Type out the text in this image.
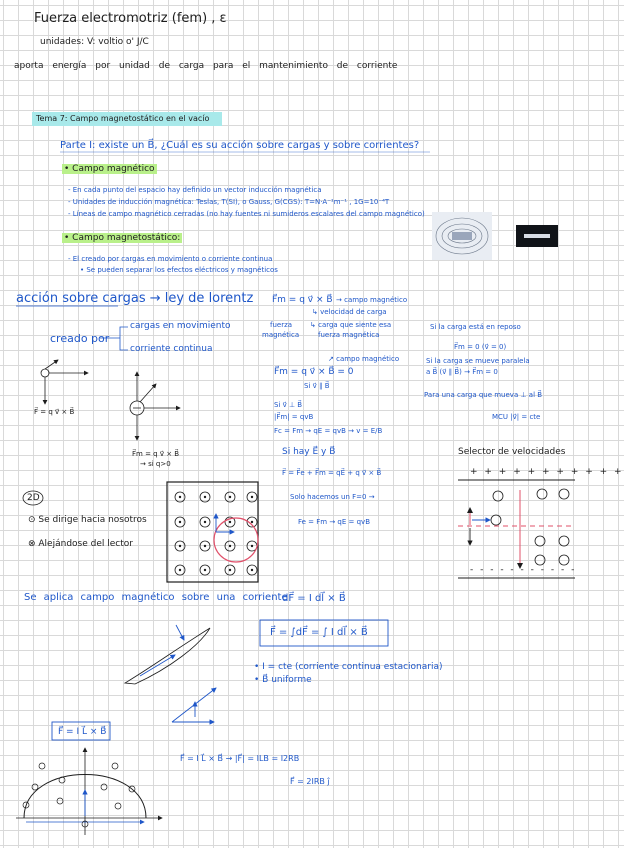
Fuerza electromotriz (fem) , ε
unidades: V: voltio o' J/C
aporta energía por unidad de carga para el mantenimiento de corriente
Tema 7: Campo magnetostático en el vacío
Parte I: existe un B⃗, ¿Cuál es su acción sobre cargas y sobre corrientes?
• Campo magnético
- En cada punto del espacio hay definido un vector inducción magnética
- Unidades de inducción magnética: Teslas, T(SI), o Gauss, G(CGS): T=N·A⁻¹m⁻¹ , 1G=10⁻⁴T
- Líneas de campo magnético cerradas (no hay fuentes ni sumideros escalares del campo magnético)
• Campo magnetostático:
- El creado por cargas en movimiento o corriente continua
• Se pueden separar los efectos eléctricos y magnéticos
acción sobre cargas → ley de lorentz
creado por
cargas en movimiento
corriente continua
F⃗m = q v⃗ × B⃗ → campo magnético
↳ velocidad de carga
fuerza
magnética
↳ carga que siente esa
fuerza magnética
↗ campo magnético
F⃗m = q v⃗ × B⃗ = 0
Si v⃗ ∥ B⃗
Si v⃗ ⊥ B⃗
|F⃗m| = qvB
Fc = Fm → qE = qvB → v = E/B
Si hay E⃗ y B⃗
Si la carga está en reposo
F⃗m = 0 (v⃗ = 0)
Si la carga se mueve paralela
a B⃗ (v⃗ ∥ B⃗) → F⃗m = 0
Para una carga que mueva ⊥ al B⃗
MCU |v⃗| = cte
F⃗ = q v⃗ × B⃗
F⃗m = q v⃗ × B⃗
→ si q>0
2D
⊙ Se dirige hacia nosotros
⊗ Alejándose del lector
F⃗ = F⃗e + F⃗m = qE⃗ + q v⃗ × B⃗
Solo hacemos un F=0 →
Fe = Fm → qE = qvB
Selector de velocidades
+ + + + + + + + + + +
- - - - - - - - - - -
Se aplica campo magnético sobre una corriente
dF⃗ = I dl⃗ × B⃗
F⃗ = ∫dF⃗ = ∫ I dl⃗ × B⃗
• I = cte (corriente continua estacionaria)
• B⃗ uniforme
F⃗ = I L⃗ × B⃗
F⃗ = I L⃗ × B⃗ → |F⃗| = ILB = I2RB
F⃗ = 2IRB ĵ
